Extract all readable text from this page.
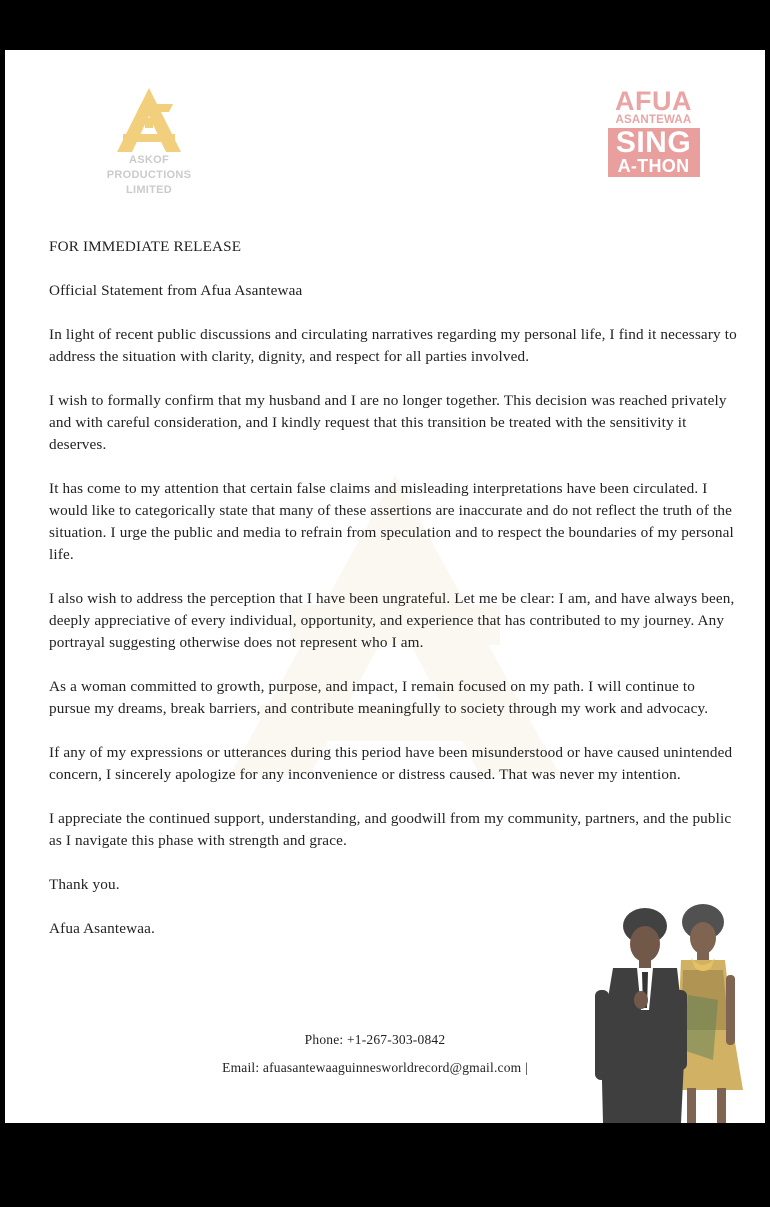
ASKOF
PRODUCTIONS
LIMITED
AFUA
ASANTEWAA
SING
A-THON

FOR IMMEDIATE RELEASE

Official Statement from Afua Asantewaa

In light of recent public discussions and circulating narratives regarding my personal life, I find it necessary to address the situation with clarity, dignity, and respect for all parties involved.

I wish to formally confirm that my husband and I are no longer together. This decision was reached privately and with careful consideration, and I kindly request that this transition be treated with the sensitivity it deserves.

It has come to my attention that certain false claims and misleading interpretations have been circulated. I would like to categorically state that many of these assertions are inaccurate and do not reflect the truth of the situation. I urge the public and media to refrain from speculation and to respect the boundaries of my personal life.

I also wish to address the perception that I have been ungrateful. Let me be clear: I am, and have always been, deeply appreciative of every individual, opportunity, and experience that has contributed to my journey. Any portrayal suggesting otherwise does not represent who I am.

As a woman committed to growth, purpose, and impact, I remain focused on my path. I will continue to pursue my dreams, break barriers, and contribute meaningfully to society through my work and advocacy.

If any of my expressions or utterances during this period have been misunderstood or have caused unintended concern, I sincerely apologize for any inconvenience or distress caused. That was never my intention.

I appreciate the continued support, understanding, and goodwill from my community, partners, and the public as I navigate this phase with strength and grace.

Thank you.

Afua Asantewaa.

Phone: +1-267-303-0842
Email: afuasantewaaguinnesworldrecord@gmail.com |
